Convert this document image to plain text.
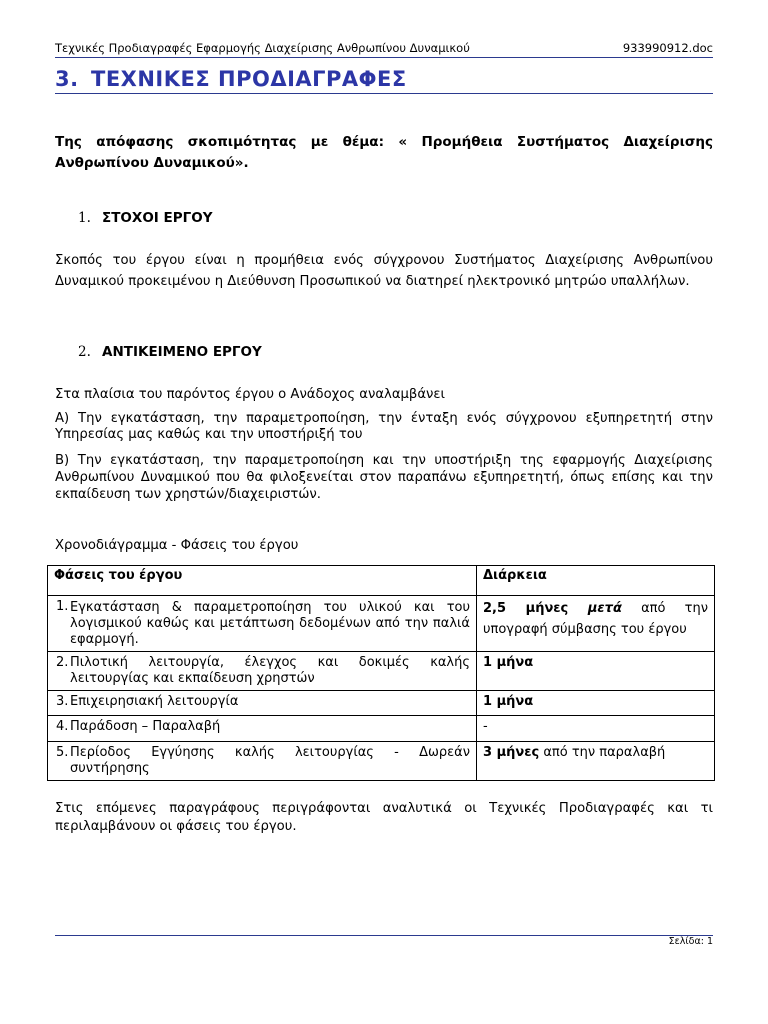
Τεχνικές Προδιαγραφές Εφαρμογής Διαχείρισης Ανθρωπίνου Δυναμικού	933990912.doc
3. ΤΕΧΝΙΚΕΣ ΠΡΟΔΙΑΓΡΑΦΕΣ
Της απόφασης σκοπιμότητας με θέμα: « Προμήθεια Συστήματος Διαχείρισης Ανθρωπίνου Δυναμικού».
1. ΣΤΟΧΟΙ ΕΡΓΟΥ
Σκοπός του έργου είναι η προμήθεια ενός σύγχρονου Συστήματος Διαχείρισης Ανθρωπίνου Δυναμικού προκειμένου η Διεύθυνση Προσωπικού να διατηρεί ηλεκτρονικό μητρώο υπαλλήλων.
2. ΑΝΤΙΚΕΙΜΕΝΟ ΕΡΓΟΥ
Στα πλαίσια του παρόντος έργου ο Ανάδοχος αναλαμβάνει
Α) Την εγκατάσταση, την παραμετροποίηση, την ένταξη ενός σύγχρονου εξυπηρετητή στην Υπηρεσίας μας καθώς και την υποστήριξή του
Β) Την εγκατάσταση, την παραμετροποίηση και την υποστήριξη της εφαρμογής Διαχείρισης Ανθρωπίνου Δυναμικού που θα φιλοξενείται στον παραπάνω εξυπηρετητή, όπως επίσης και την εκπαίδευση των χρηστών/διαχειριστών.
Χρονοδιάγραμμα - Φάσεις του έργου
Φάσεις του έργου	Διάρκεια

1. Εγκατάσταση & παραμετροποίηση του υλικού και του λογισμικού καθώς και μετάπτωση δεδομένων από την παλιά εφαρμογή.	2,5 μήνες μετά από την υπογραφή σύμβασης του έργου

2. Πιλοτική λειτουργία, έλεγχος και δοκιμές καλής λειτουργίας και εκπαίδευση χρηστών	1 μήνα

3. Επιχειρησιακή λειτουργία	1 μήνα

4. Παράδοση – Παραλαβή	-

5. Περίοδος Εγγύησης καλής λειτουργίας - Δωρεάν συντήρησης	3 μήνες από την παραλαβή
Στις επόμενες παραγράφους περιγράφονται αναλυτικά οι Τεχνικές Προδιαγραφές και τι περιλαμβάνουν οι φάσεις του έργου.
Σελίδα: 1
